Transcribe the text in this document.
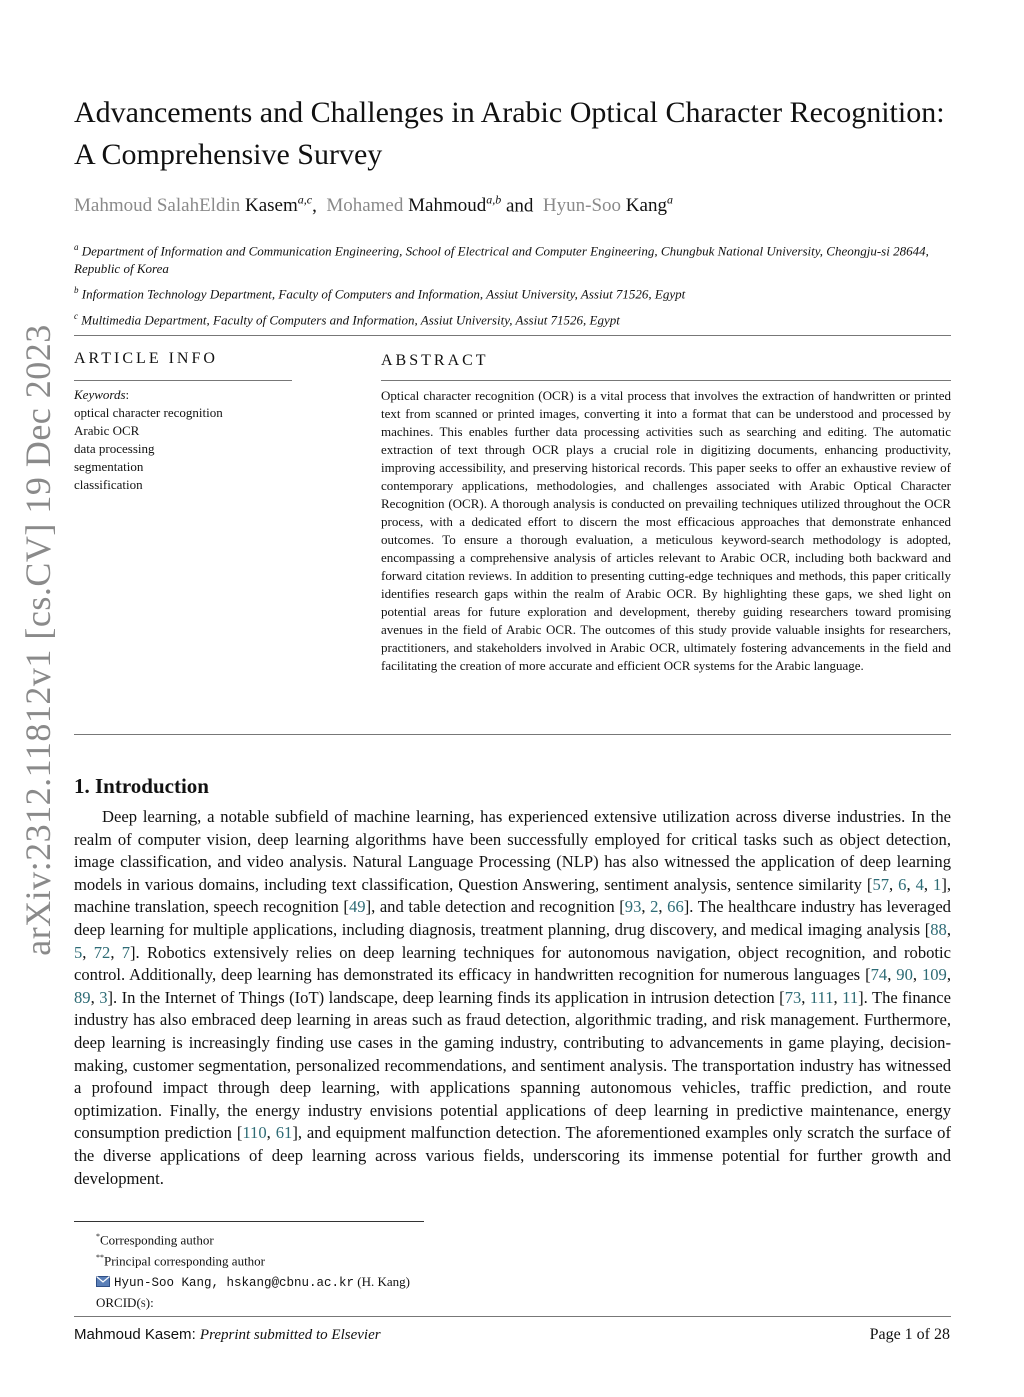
arXiv:2312.11812v1 [cs.CV] 19 Dec 2023
Advancements and Challenges in Arabic Optical Character Recognition: A Comprehensive Survey
Mahmoud SalahEldin Kasem$^{a,c}$, Mohamed Mahmoud$^{a,b}$ and Hyun-Soo Kang$^a$

$^a$ Department of Information and Communication Engineering, School of Electrical and Computer Engineering, Chungbuk National University, Cheongju-si 28644, Republic of Korea

$^b$ Information Technology Department, Faculty of Computers and Information, Assiut University, Assiut 71526, Egypt

$^c$ Multimedia Department, Faculty of Computers and Information, Assiut University, Assiut 71526, Egypt

ARTICLE INFO
Keywords:
optical character recognition
Arabic OCR
data processing
segmentation
classification
ABSTRACT
Optical character recognition (OCR) is a vital process that involves the extraction of handwritten or printed text from scanned or printed images, converting it into a format that can be understood and processed by machines. This enables further data processing activities such as searching and editing. The automatic extraction of text through OCR plays a crucial role in digitizing documents, enhancing productivity, improving accessibility, and preserving historical records. This paper seeks to offer an exhaustive review of contemporary applications, methodologies, and challenges associated with Arabic Optical Character Recognition (OCR). A thorough analysis is conducted on prevailing techniques utilized throughout the OCR process, with a dedicated effort to discern the most efficacious approaches that demonstrate enhanced outcomes. To ensure a thorough evaluation, a meticulous keyword-search methodology is adopted, encompassing a comprehensive analysis of articles relevant to Arabic OCR, including both backward and forward citation reviews. In addition to presenting cutting-edge techniques and methods, this paper critically identifies research gaps within the realm of Arabic OCR. By highlighting these gaps, we shed light on potential areas for future exploration and development, thereby guiding researchers toward promising avenues in the field of Arabic OCR. The outcomes of this study provide valuable insights for researchers, practitioners, and stakeholders involved in Arabic OCR, ultimately fostering advancements in the field and facilitating the creation of more accurate and efficient OCR systems for the Arabic language.
1. Introduction
Deep learning, a notable subfield of machine learning, has experienced extensive utilization across diverse industries. In the realm of computer vision, deep learning algorithms have been successfully employed for critical tasks such as object detection, image classification, and video analysis. Natural Language Processing (NLP) has also witnessed the application of deep learning models in various domains, including text classification, Question Answering, sentiment analysis, sentence similarity [57, 6, 4, 1], machine translation, speech recognition [49], and table detection and recognition [93, 2, 66]. The healthcare industry has leveraged deep learning for multiple applications, including diagnosis, treatment planning, drug discovery, and medical imaging analysis [88, 5, 72, 7]. Robotics extensively relies on deep learning techniques for autonomous navigation, object recognition, and robotic control. Additionally, deep learning has demonstrated its efficacy in handwritten recognition for numerous languages [74, 90, 109, 89, 3]. In the Internet of Things (IoT) landscape, deep learning finds its application in intrusion detection [73, 111, 11]. The finance industry has also embraced deep learning in areas such as fraud detection, algorithmic trading, and risk management. Furthermore, deep learning is increasingly finding use cases in the gaming industry, contributing to advancements in game playing, decision-making, customer segmentation, personalized recommendations, and sentiment analysis. The transportation industry has witnessed a profound impact through deep learning, with applications spanning autonomous vehicles, traffic prediction, and route optimization. Finally, the energy industry envisions potential applications of deep learning in predictive maintenance, energy consumption prediction [110, 61], and equipment malfunction detection. The aforementioned examples only scratch the surface of the diverse applications of deep learning across various fields, underscoring its immense potential for further growth and development.
*Corresponding author
**Principal corresponding author
Hyun-Soo Kang, hskang@cbnu.ac.kr (H. Kang)
ORCID(s):
Mahmoud Kasem: Preprint submitted to Elsevier	Page 1 of 28
